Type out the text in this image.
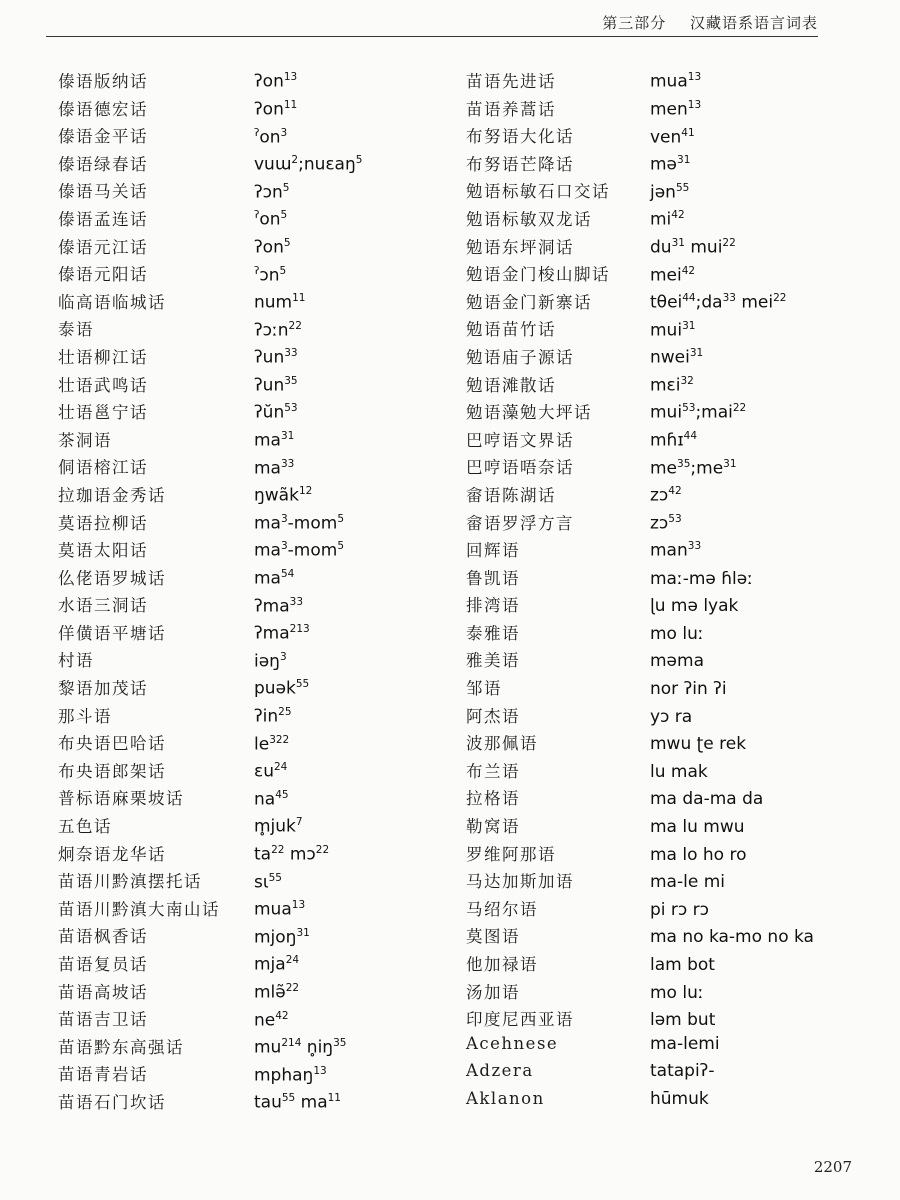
第三部分 汉藏语系语言词表
傣语版纳话	ʔon$^{13}$
傣语德宏话	ʔon$^{11}$
傣语金平话	$^ʔon^3$
傣语绿春话	vuɯ$^2$;nuɛaŋ$^5$
傣语马关话	ʔɔn$^5$
傣语孟连话	$^ʔon^5$
傣语元江话	ʔon$^5$
傣语元阳话	$^ʔ$ɔn$^5$
临高语临城话	num$^{11}$
泰语	ʔɔːn$^{22}$
壮语柳江话	ʔun$^{33}$
壮语武鸣话	ʔun$^{35}$
壮语邕宁话	ʔŭn$^{53}$
茶洞语	$ma^{31}$
侗语榕江话	$ma^{33}$
拉珈语金秀话	ŋwãk$^{12}$
莫语拉柳话	$ma^3-mom^5$
莫语太阳话	$ma^3-mom^5$
仫佬语罗城话	$ma^{54}$
水语三洞话	ʔma$^{33}$
佯僙语平塘话	ʔma$^{213}$
村语	iəŋ$^3$
黎语加茂话	puək$^{55}$
那斗语	ʔin$^{25}$
布央语巴哈话	$le^{322}$
布央语郎架话	ɛu$^{24}$
普标语麻栗坡话	$na^{45}$
五色话	m̥juk$^7$
炯奈语龙华话	$ta^{22}$ mɔ$^{22}$
苗语川黔滇摆托话	sɩ$^{55}$
苗语川黔滇大南山话	mua$^{13}$
苗语枫香话	mjoŋ$^{31}$
苗语复员话	mja$^{24}$
苗语高坡话	mlə̃$^{22}$
苗语吉卫话	$ne^{42}$
苗语黔东高强话	$mu^{214}$ $n̥iŋ^{35}$
苗语青岩话	mphaŋ$^{13}$
苗语石门坎话	tau$^{55}$ $ma^{11}$
苗语先进话	mua$^{13}$
苗语养蒿话	men$^{13}$
布努语大化话	ven$^{41}$
布努语芒降话	mə$^{31}$
勉语标敏石口交话	jən$^{55}$
勉语标敏双龙话	$mi^{42}$
勉语东坪洞话	$du^{31}$ mui$^{22}$
勉语金门梭山脚话	mei$^{42}$
勉语金门新寨话	$t\theta ei^{44};da^{33}$ mei$^{22}$
勉语苗竹话	mui$^{31}$
勉语庙子源话	nwei$^{31}$
勉语滩散话	mɛi$^{32}$
勉语藻勉大坪话	mui$^{53}$;mai$^{22}$
巴哼语文界话	mɦɪ$^{44}$
巴哼语唔奈话	$me^{35};me^{31}$
畲语陈湖话	zɔ$^{42}$
畲语罗浮方言	zɔ$^{53}$
回辉语	man$^{33}$
鲁凯语	maː-mə ɦləː
排湾语	ɭu mə lyak
泰雅语	mo luː
雅美语	məma
邹语	nor ʔin ʔi
阿杰语	yɔ ra
波那佩语	mwu ʈe rek
布兰语	lu mak
拉格语	ma da-ma da
勒窝语	ma lu mwu
罗维阿那语	ma lo ho ro
马达加斯加语	ma-le mi
马绍尔语	pi rɔ rɔ
莫图语	ma no ka-mo no ka
他加禄语	lam bot
汤加语	mo luː
印度尼西亚语	ləm but
Acehnese	ma-lemi
Adzera	tatapiʔ-
Aklanon	hūmuk
2207
